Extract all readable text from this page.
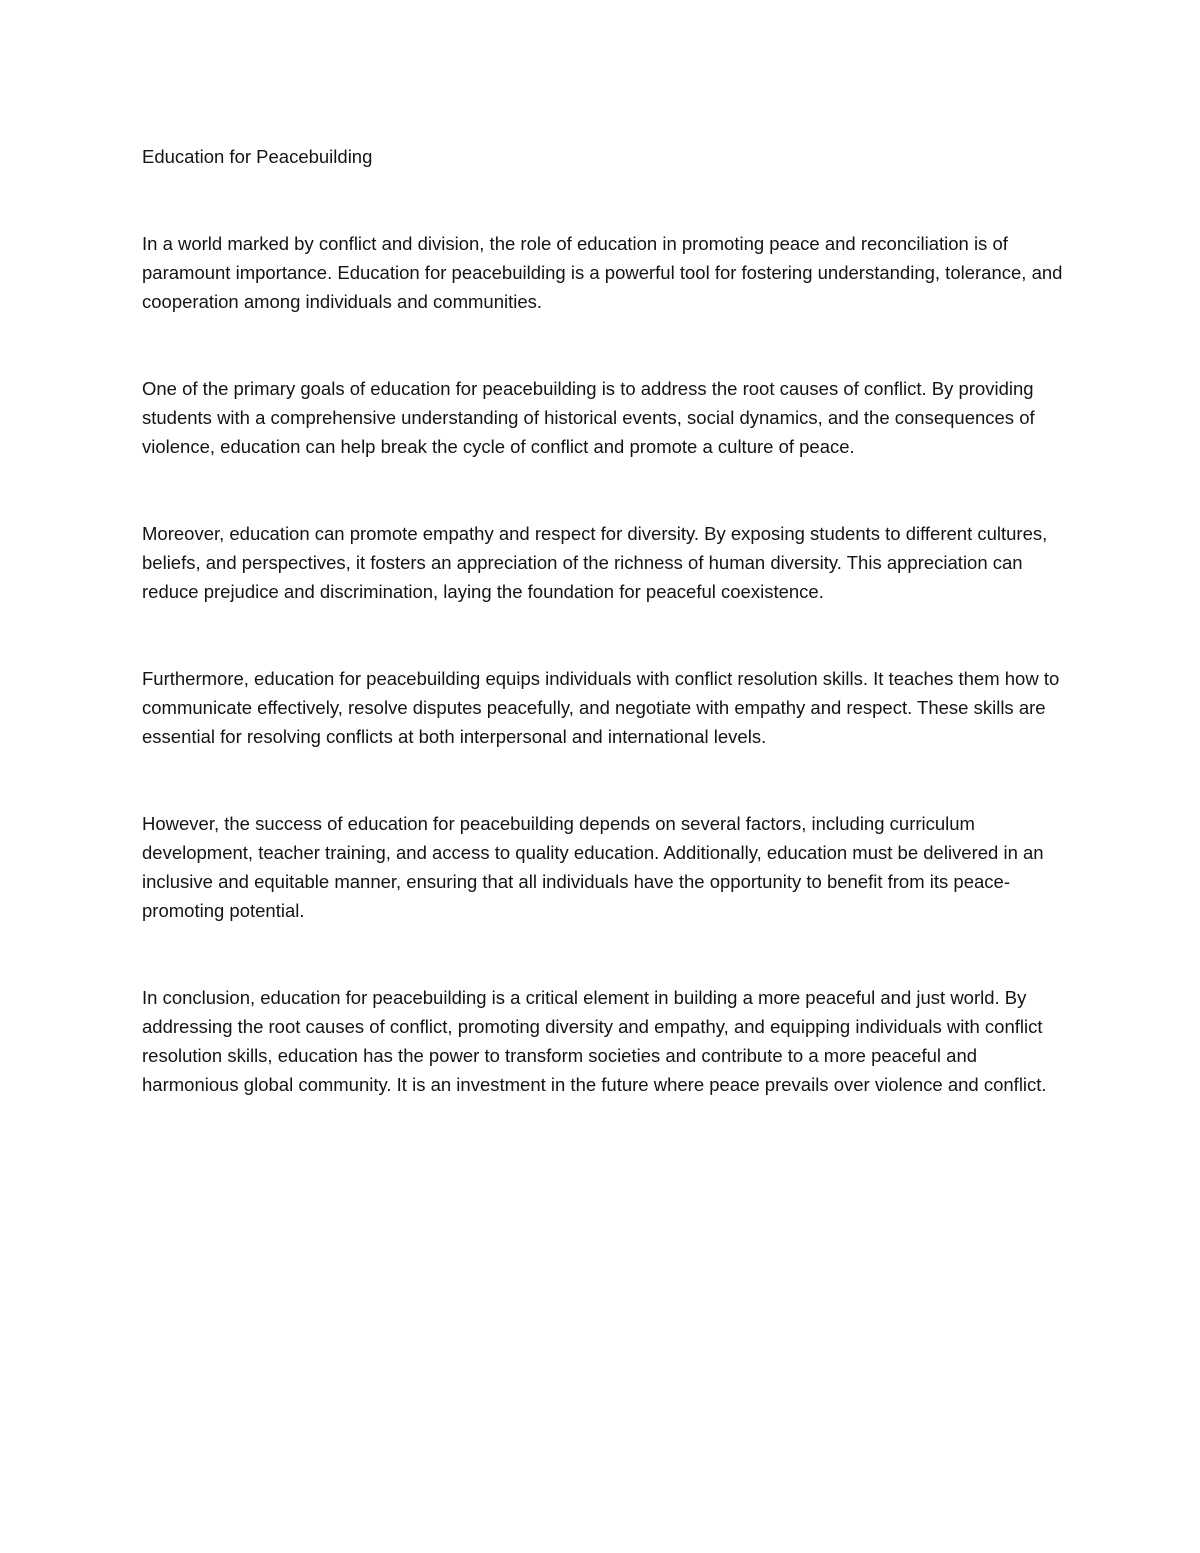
Education for Peacebuilding

In a world marked by conflict and division, the role of education in promoting peace and reconciliation is of paramount importance. Education for peacebuilding is a powerful tool for fostering understanding, tolerance, and cooperation among individuals and communities.

One of the primary goals of education for peacebuilding is to address the root causes of conflict. By providing students with a comprehensive understanding of historical events, social dynamics, and the consequences of violence, education can help break the cycle of conflict and promote a culture of peace.

Moreover, education can promote empathy and respect for diversity. By exposing students to different cultures, beliefs, and perspectives, it fosters an appreciation of the richness of human diversity. This appreciation can reduce prejudice and discrimination, laying the foundation for peaceful coexistence.

Furthermore, education for peacebuilding equips individuals with conflict resolution skills. It teaches them how to communicate effectively, resolve disputes peacefully, and negotiate with empathy and respect. These skills are essential for resolving conflicts at both interpersonal and international levels.

However, the success of education for peacebuilding depends on several factors, including curriculum development, teacher training, and access to quality education. Additionally, education must be delivered in an inclusive and equitable manner, ensuring that all individuals have the opportunity to benefit from its peace-promoting potential.

In conclusion, education for peacebuilding is a critical element in building a more peaceful and just world. By addressing the root causes of conflict, promoting diversity and empathy, and equipping individuals with conflict resolution skills, education has the power to transform societies and contribute to a more peaceful and harmonious global community. It is an investment in the future where peace prevails over violence and conflict.
